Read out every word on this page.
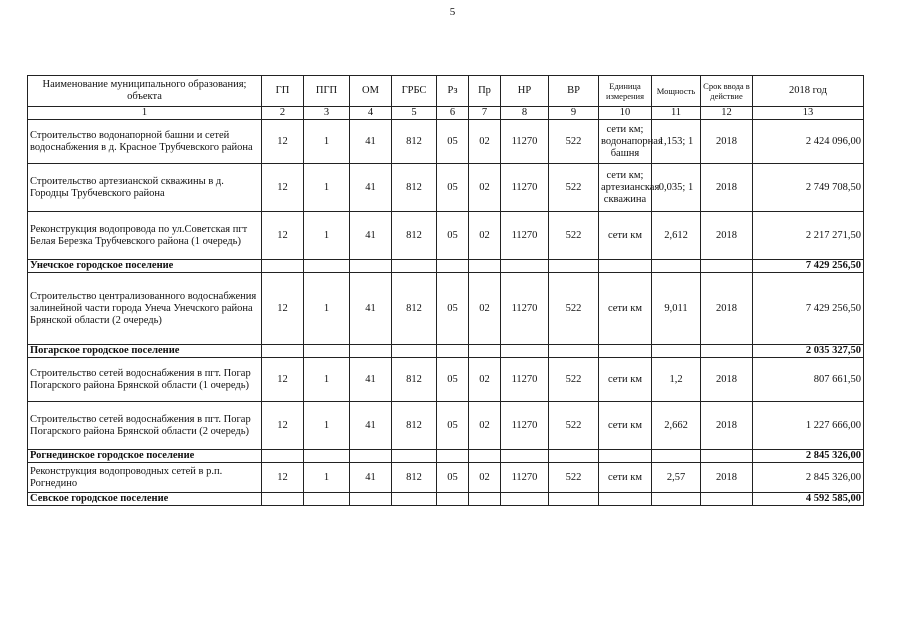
5
Наименование муниципального образования; объекта	ГП	ПГП	ОМ	ГРБС	Рз	Пр	НР	ВР	Единица измерения	Мощность	Срок ввода в действие	2018 год
1	2	3	4	5	6	7	8	9	10	11	12	13
Строительство водонапорной башни и сетей водоснабжения в д. Красное Трубчевского района	12	1	41	812	05	02	11270	522	сети км; водонапорная башня	1,153; 1	2018	2 424 096,00
Строительство артезианской скважины в д. Городцы Трубчевского района	12	1	41	812	05	02	11270	522	сети км; артезианская скважина	0,035; 1	2018	2 749 708,50
Реконструкция водопровода по ул.Советская пгт Белая Березка Трубчевского района (1 очередь)	12	1	41	812	05	02	11270	522	сети км	2,612	2018	2 217 271,50
Унечское городское поселение												7 429 256,50
Строительство централизованного водоснабжения залинейной части города Унеча Унечского района Брянской области (2 очередь)	12	1	41	812	05	02	11270	522	сети км	9,011	2018	7 429 256,50
Погарское городское поселение												2 035 327,50
Строительство сетей водоснабжения в пгт. Погар Погарского района Брянской области (1 очередь)	12	1	41	812	05	02	11270	522	сети км	1,2	2018	807 661,50
Строительство сетей водоснабжения в пгт. Погар Погарского района Брянской области (2 очередь)	12	1	41	812	05	02	11270	522	сети км	2,662	2018	1 227 666,00
Рогнединское городское поселение												2 845 326,00
Реконструкция водопроводных сетей в р.п. Рогнедино	12	1	41	812	05	02	11270	522	сети км	2,57	2018	2 845 326,00
Севское городское поселение												4 592 585,00
